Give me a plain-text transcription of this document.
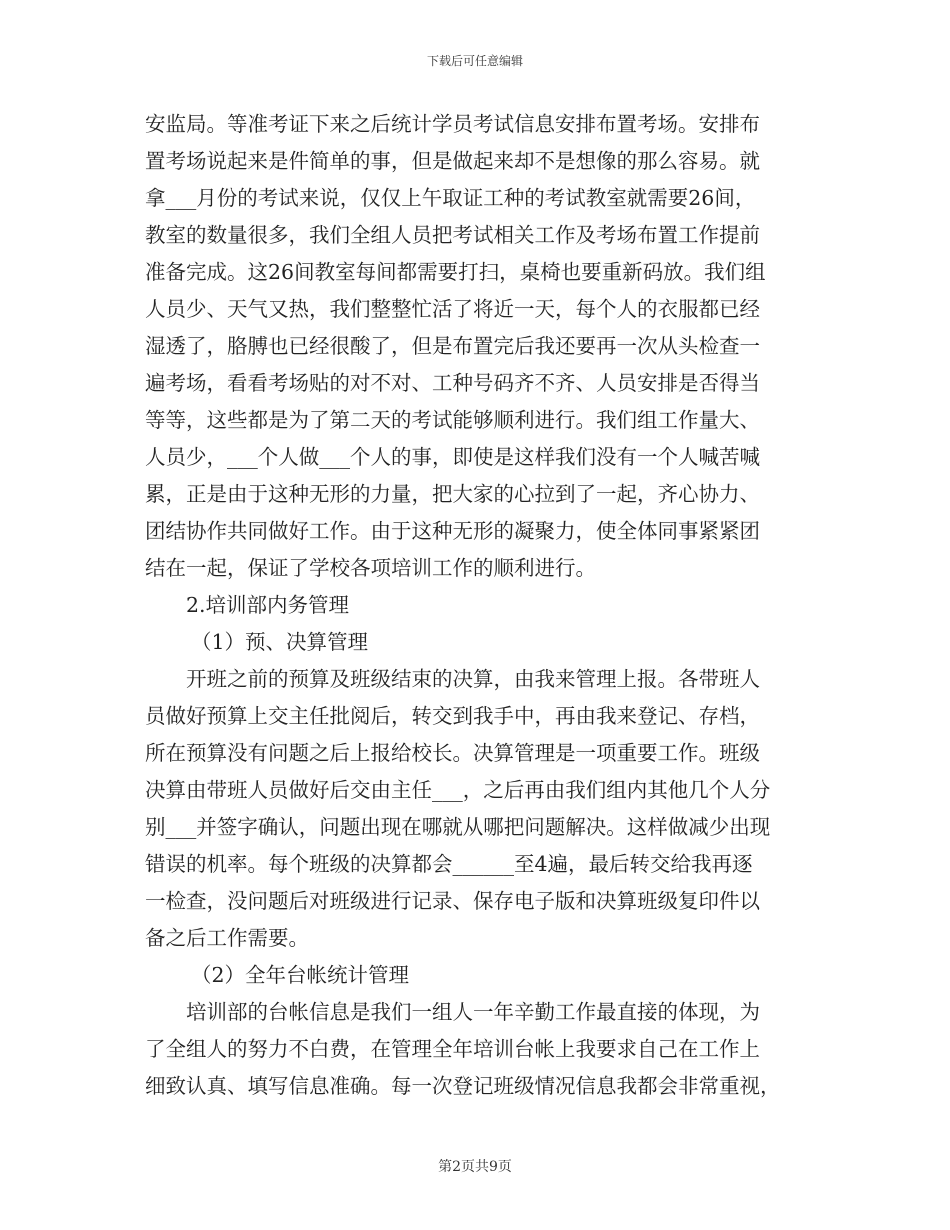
下载后可任意编辑
安监局。等准考证下来之后统计学员考试信息安排布置考场。安排布
置考场说起来是件简单的事，但是做起来却不是想像的那么容易。就
拿___月份的考试来说，仅仅上午取证工种的考试教室就需要26间，
教室的数量很多，我们全组人员把考试相关工作及考场布置工作提前
准备完成。这26间教室每间都需要打扫，桌椅也要重新码放。我们组
人员少、天气又热，我们整整忙活了将近一天，每个人的衣服都已经
湿透了，胳膊也已经很酸了，但是布置完后我还要再一次从头检查一
遍考场，看看考场贴的对不对、工种号码齐不齐、人员安排是否得当
等等，这些都是为了第二天的考试能够顺利进行。我们组工作量大、
人员少，___个人做___个人的事，即使是这样我们没有一个人喊苦喊
累，正是由于这种无形的力量，把大家的心拉到了一起，齐心协力、
团结协作共同做好工作。由于这种无形的凝聚力，使全体同事紧紧团
结在一起，保证了学校各项培训工作的顺利进行。
2.培训部内务管理
（1）预、决算管理
开班之前的预算及班级结束的决算，由我来管理上报。各带班人
员做好预算上交主任批阅后，转交到我手中，再由我来登记、存档，
所在预算没有问题之后上报给校长。决算管理是一项重要工作。班级
决算由带班人员做好后交由主任___，之后再由我们组内其他几个人分
别___并签字确认，问题出现在哪就从哪把问题解决。这样做减少出现
错误的机率。每个班级的决算都会______至4遍，最后转交给我再逐
一检查，没问题后对班级进行记录、保存电子版和决算班级复印件以
备之后工作需要。
（2）全年台帐统计管理
培训部的台帐信息是我们一组人一年辛勤工作最直接的体现，为
了全组人的努力不白费，在管理全年培训台帐上我要求自己在工作上
细致认真、填写信息准确。每一次登记班级情况信息我都会非常重视，
第2页共9页
